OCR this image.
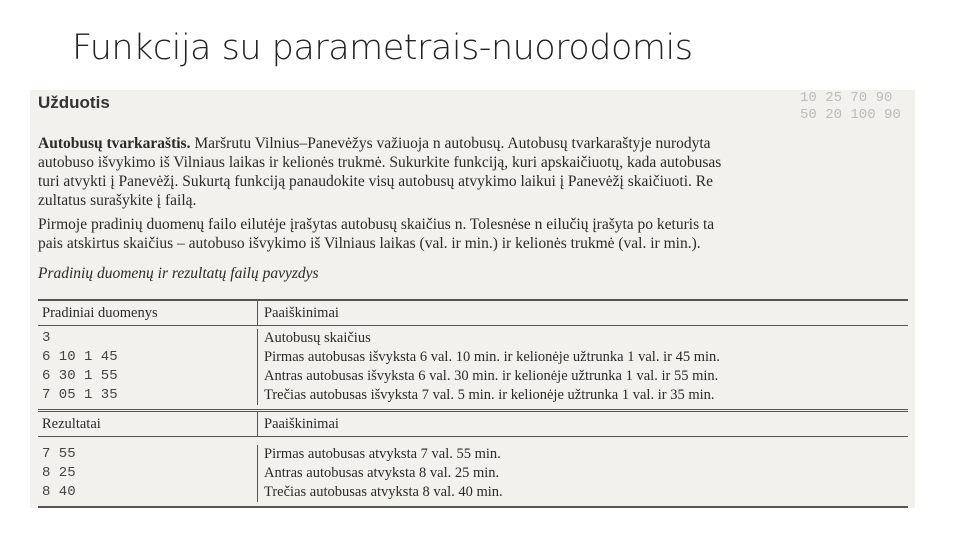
Funkcija su parametrais-nuorodomis
10 25 70 90
50 20 100 90
Užduotis
Autobusų tvarkaraštis. Maršrutu Vilnius–Panevėžys važiuoja n autobusų. Autobusų tvarkaraštyje nurodyta
autobuso išvykimo iš Vilniaus laikas ir kelionės trukmė. Sukurkite funkciją, kuri apskaičiuotų, kada autobusas
turi atvykti į Panevėžį. Sukurtą funkciją panaudokite visų autobusų atvykimo laikui į Panevėžį skaičiuoti. Re
zultatus surašykite į failą.
Pirmoje pradinių duomenų failo eilutėje įrašytas autobusų skaičius n. Tolesnėse n eilučių įrašyta po keturis ta
pais atskirtus skaičius – autobuso išvykimo iš Vilniaus laikas (val. ir min.) ir kelionės trukmė (val. ir min.).
Pradinių duomenų ir rezultatų failų pavyzdys
Pradiniai duomenys	Paaiškinimai
3
6 10 1 45
6 30 1 55
7 05 1 35
Autobusų skaičius
Pirmas autobusas išvyksta 6 val. 10 min. ir kelionėje užtrunka 1 val. ir 45 min.
Antras autobusas išvyksta 6 val. 30 min. ir kelionėje užtrunka 1 val. ir 55 min.
Trečias autobusas išvyksta 7 val. 5 min. ir kelionėje užtrunka 1 val. ir 35 min.
Rezultatai	Paaiškinimai
7 55
8 25
8 40
Pirmas autobusas atvyksta 7 val. 55 min.
Antras autobusas atvyksta 8 val. 25 min.
Trečias autobusas atvyksta 8 val. 40 min.
